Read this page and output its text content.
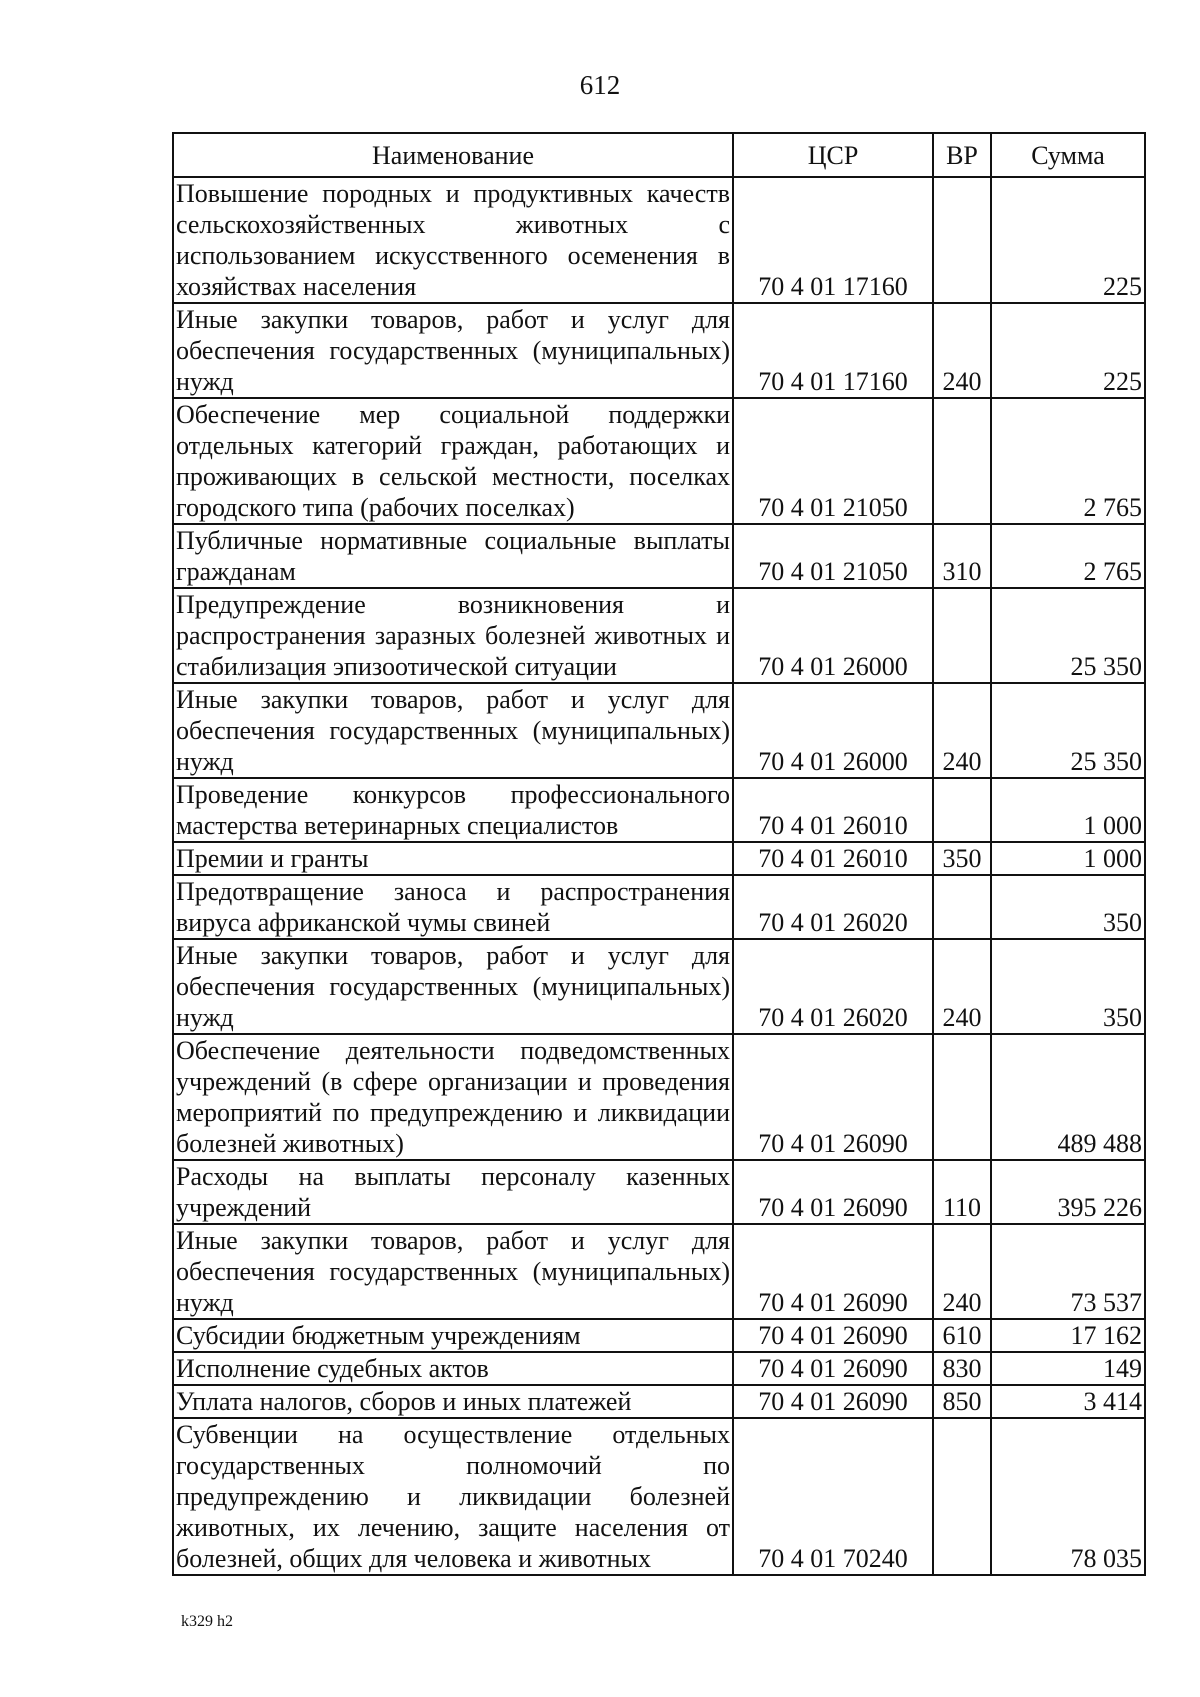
612
Наименование	ЦСР	ВР	Сумма
Повышение породных и продуктивных качеств сельскохозяйственных животных с использованием искусственного осеменения в хозяйствах населения	70 4 01 17160		225
Иные закупки товаров, работ и услуг для обеспечения государственных (муниципальных) нужд	70 4 01 17160	240	225
Обеспечение мер социальной поддержки отдельных категорий граждан, работающих и проживающих в сельской местности, поселках городского типа (рабочих поселках)	70 4 01 21050		2 765
Публичные нормативные социальные выплаты гражданам	70 4 01 21050	310	2 765
Предупреждение возникновения и распространения заразных болезней животных и стабилизация эпизоотической ситуации	70 4 01 26000		25 350
Иные закупки товаров, работ и услуг для обеспечения государственных (муниципальных) нужд	70 4 01 26000	240	25 350
Проведение конкурсов профессионального мастерства ветеринарных специалистов	70 4 01 26010		1 000
Премии и гранты	70 4 01 26010	350	1 000
Предотвращение заноса и распространения вируса африканской чумы свиней	70 4 01 26020		350
Иные закупки товаров, работ и услуг для обеспечения государственных (муниципальных) нужд	70 4 01 26020	240	350
Обеспечение деятельности подведомственных учреждений (в сфере организации и проведения мероприятий по предупреждению и ликвидации болезней животных)	70 4 01 26090		489 488
Расходы на выплаты персоналу казенных учреждений	70 4 01 26090	110	395 226
Иные закупки товаров, работ и услуг для обеспечения государственных (муниципальных) нужд	70 4 01 26090	240	73 537
Субсидии бюджетным учреждениям	70 4 01 26090	610	17 162
Исполнение судебных актов	70 4 01 26090	830	149
Уплата налогов, сборов и иных платежей	70 4 01 26090	850	3 414
Субвенции на осуществление отдельных государственных полномочий по предупреждению и ликвидации болезней животных, их лечению, защите населения от болезней, общих для человека и животных	70 4 01 70240		78 035
k329 h2
